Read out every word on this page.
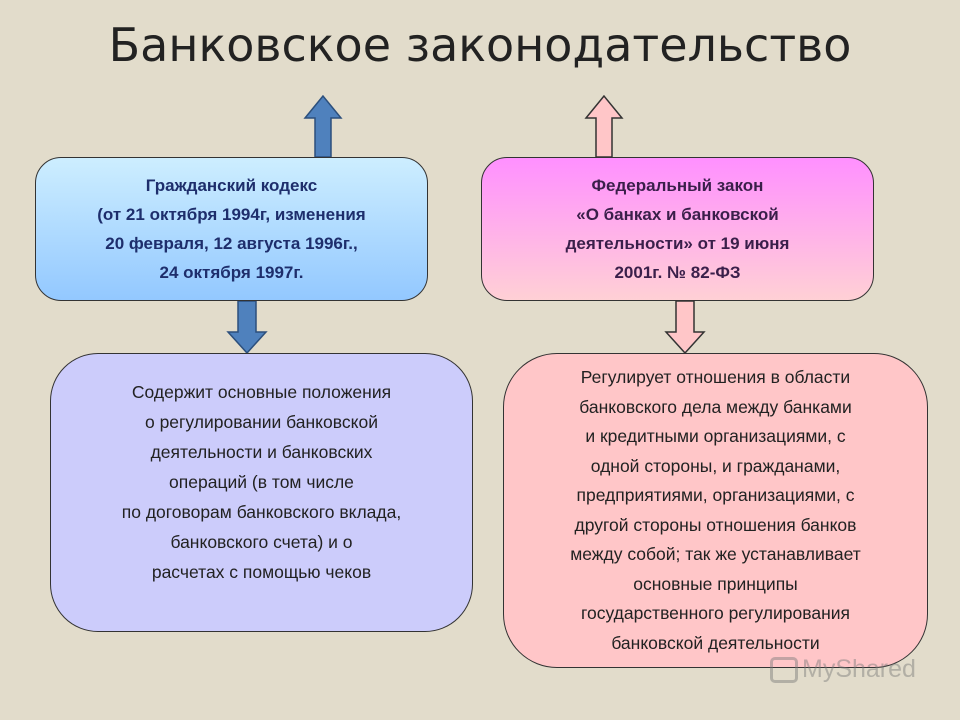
Банковское законодательство
Гражданский кодекс
(от 21 октября 1994г, изменения
20 февраля, 12 августа 1996г.,
24 октября 1997г.
Федеральный закон
«О банках и банковской
деятельности» от 19 июня
2001г. № 82-ФЗ
Содержит основные положения
о регулировании банковской
деятельности и банковских
операций (в том числе
по договорам банковского вклада,
банковского счета) и о
расчетах с помощью чеков
Регулирует отношения в области
банковского дела между банками
и кредитными организациями, с
одной стороны, и гражданами,
предприятиями, организациями, с
другой стороны отношения банков
между собой; так же устанавливает
основные принципы
государственного регулирования
банковской деятельности
MyShared
